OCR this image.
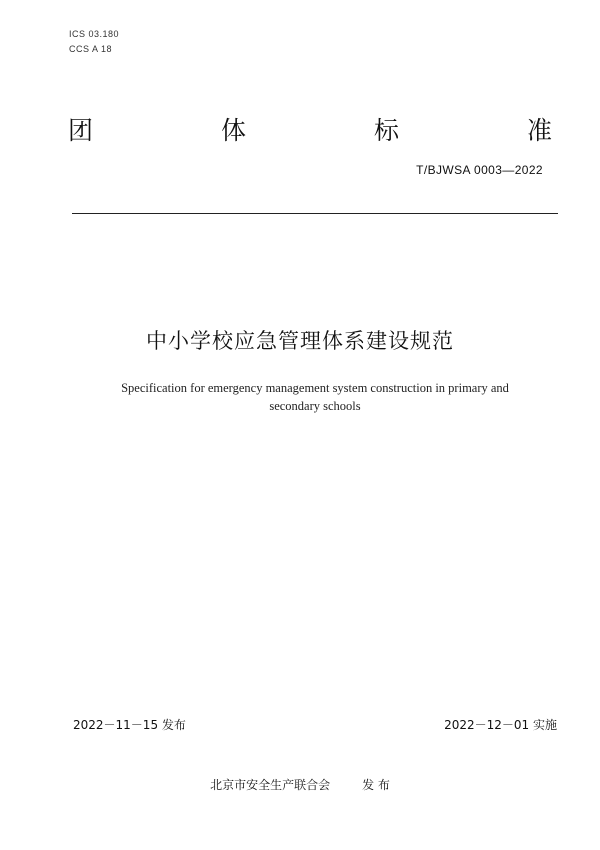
ICS 03.180
CCS A 18
团	体	标	准
T/BJWSA 0003—2022
中小学校应急管理体系建设规范
Specification for emergency management system construction in primary and
secondary schools
2022－11－15 发布	2022－12－01 实施
北京市安全生产联合会	发 布
